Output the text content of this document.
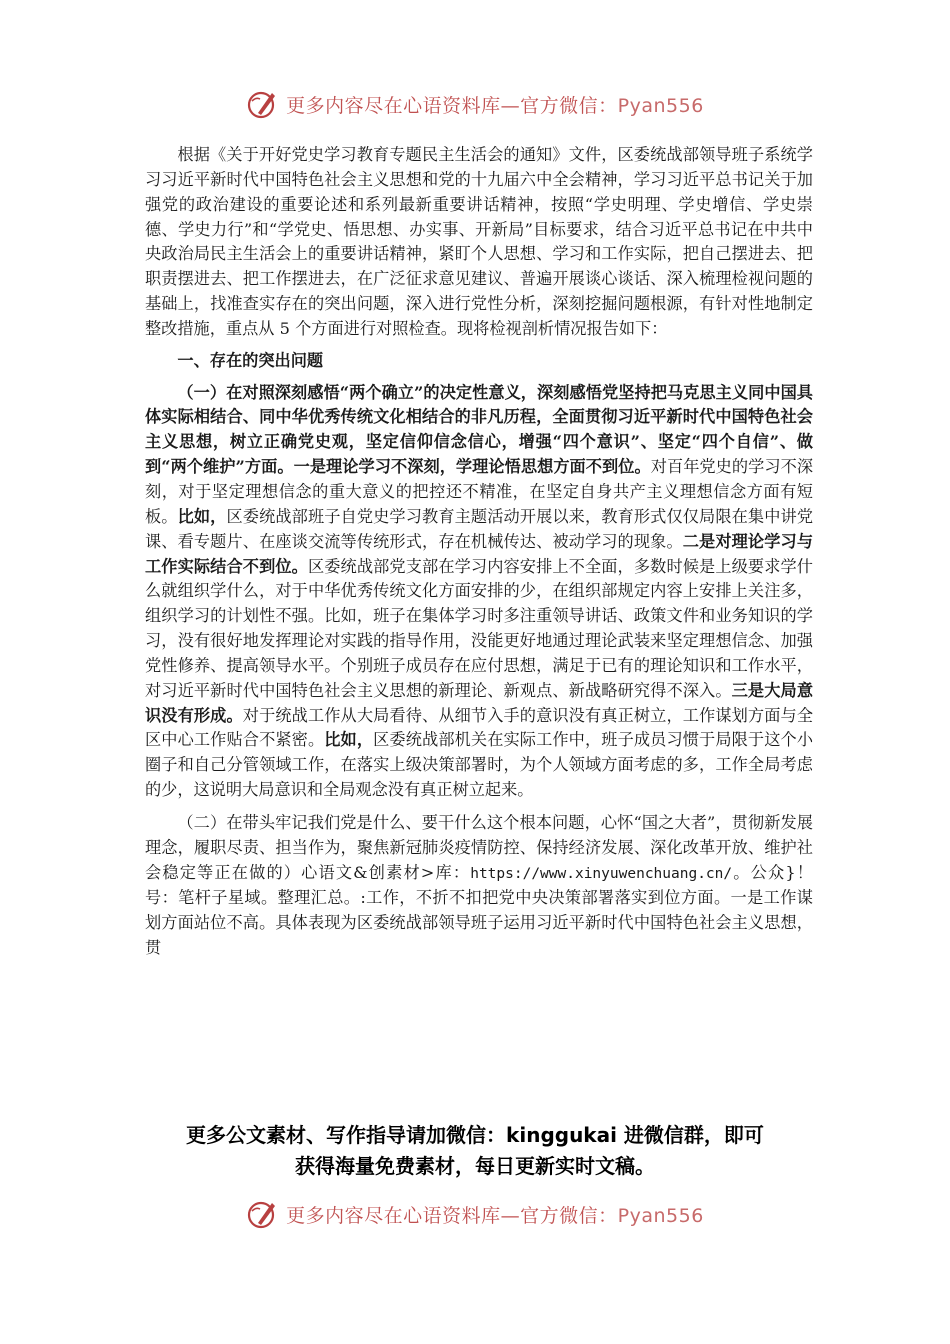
更多内容尽在心语资料库—官方微信：Pyan556

根据《关于开好党史学习教育专题民主生活会的通知》文件，区委统战部领导班子系统学习习近平新时代中国特色社会主义思想和党的十九届六中全会精神，学习习近平总书记关于加强党的政治建设的重要论述和系列最新重要讲话精神，按照“学史明理、学史增信、学史崇德、学史力行”和“学党史、悟思想、办实事、开新局”目标要求，结合习近平总书记在中共中央政治局民主生活会上的重要讲话精神，紧盯个人思想、学习和工作实际，把自己摆进去、把职责摆进去、把工作摆进去，在广泛征求意见建议、普遍开展谈心谈话、深入梳理检视问题的基础上，找准查实存在的突出问题，深入进行党性分析，深刻挖掘问题根源，有针对性地制定整改措施，重点从 5 个方面进行对照检查。现将检视剖析情况报告如下：

一、存在的突出问题

（一）在对照深刻感悟“两个确立”的决定性意义，深刻感悟党坚持把马克思主义同中国具体实际相结合、同中华优秀传统文化相结合的非凡历程，全面贯彻习近平新时代中国特色社会主义思想，树立正确党史观，坚定信仰信念信心，增强“四个意识”、坚定“四个自信”、做到“两个维护”方面。一是理论学习不深刻，学理论悟思想方面不到位。对百年党史的学习不深刻，对于坚定理想信念的重大意义的把控还不精准，在坚定自身共产主义理想信念方面有短板。比如，区委统战部班子自党史学习教育主题活动开展以来，教育形式仅仅局限在集中讲党课、看专题片、在座谈交流等传统形式，存在机械传达、被动学习的现象。二是对理论学习与工作实际结合不到位。区委统战部党支部在学习内容安排上不全面，多数时候是上级要求学什么就组织学什么，对于中华优秀传统文化方面安排的少，在组织部规定内容上安排上关注多，组织学习的计划性不强。比如，班子在集体学习时多注重领导讲话、政策文件和业务知识的学习，没有很好地发挥理论对实践的指导作用，没能更好地通过理论武装来坚定理想信念、加强党性修养、提高领导水平。个别班子成员存在应付思想，满足于已有的理论知识和工作水平，对习近平新时代中国特色社会主义思想的新理论、新观点、新战略研究得不深入。三是大局意识没有形成。对于统战工作从大局看待、从细节入手的意识没有真正树立，工作谋划方面与全区中心工作贴合不紧密。比如，区委统战部机关在实际工作中，班子成员习惯于局限于这个小圈子和自己分管领域工作，在落实上级决策部署时，为个人领域方面考虑的多，工作全局考虑的少，这说明大局意识和全局观念没有真正树立起来。

（二）在带头牢记我们党是什么、要干什么这个根本问题，心怀“国之大者”，贯彻新发展理念，履职尽责、担当作为，聚焦新冠肺炎疫情防控、保持经济发展、深化改革开放、维护社会稳定等正在做的）心语文&创素材>库：https://www.xinyuwenchuang.cn/。公众}！号：笔杆子星域。整理汇总。:工作，不折不扣把党中央决策部署落实到位方面。一是工作谋划方面站位不高。具体表现为区委统战部领导班子运用习近平新时代中国特色社会主义思想，贯

更多公文素材、写作指导请加微信：kinggukai 进微信群，即可
获得海量免费素材，每日更新实时文稿。
更多内容尽在心语资料库—官方微信：Pyan556
